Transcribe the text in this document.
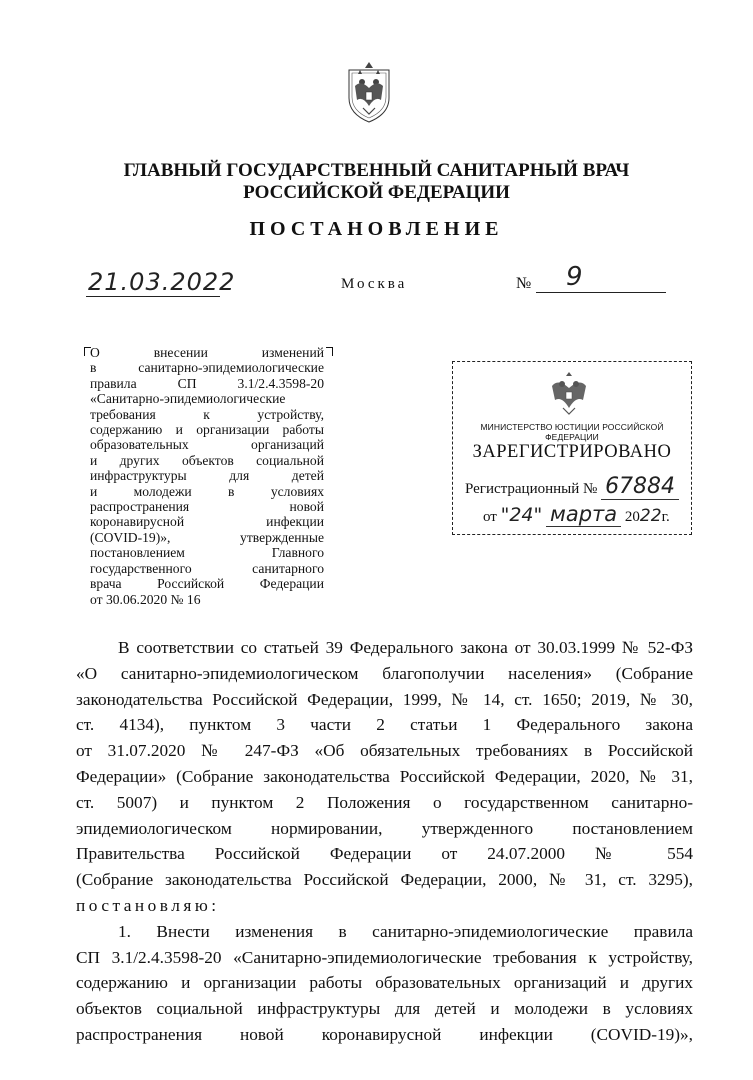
ГЛАВНЫЙ ГОСУДАРСТВЕННЫЙ САНИТАРНЫЙ ВРАЧ
РОССИЙСКОЙ ФЕДЕРАЦИИ
ПОСТАНОВЛЕНИЕ
21.03.2022	Москва	№ 9
О внесении изменений
в санитарно-эпидемиологические
правила СП 3.1/2.4.3598-20
«Санитарно-эпидемиологические
требования к устройству,
содержанию и организации работы
образовательных организаций
и других объектов социальной
инфраструктуры для детей
и молодежи в условиях
распространения новой
коронавирусной инфекции
(COVID-19)», утвержденные
постановлением Главного
государственного санитарного
врача Российской Федерации
от 30.06.2020 № 16
МИНИСТЕРСТВО ЮСТИЦИИ РОССИЙСКОЙ ФЕДЕРАЦИИ
ЗАРЕГИСТРИРОВАНО
Регистрационный № 67884
от "24" марта 2022г.
В соответствии со статьей 39 Федерального закона от 30.03.1999 № 52-ФЗ
«О санитарно-эпидемиологическом благополучии населения» (Собрание
законодательства Российской Федерации, 1999, № 14, ст. 1650; 2019, № 30,
ст. 4134), пунктом 3 части 2 статьи 1 Федерального закона
от 31.07.2020 № 247-ФЗ «Об обязательных требованиях в Российской
Федерации» (Собрание законодательства Российской Федерации, 2020, № 31,
ст. 5007) и пунктом 2 Положения о государственном санитарно-
эпидемиологическом нормировании, утвержденного постановлением
Правительства Российской Федерации от 24.07.2000 № 554
(Собрание законодательства Российской Федерации, 2000, № 31, ст. 3295),
постановляю:
1. Внести изменения в санитарно-эпидемиологические правила
СП 3.1/2.4.3598-20 «Санитарно-эпидемиологические требования к устройству,
содержанию и организации работы образовательных организаций и других
объектов социальной инфраструктуры для детей и молодежи в условиях
распространения новой коронавирусной инфекции (COVID-19)»,
